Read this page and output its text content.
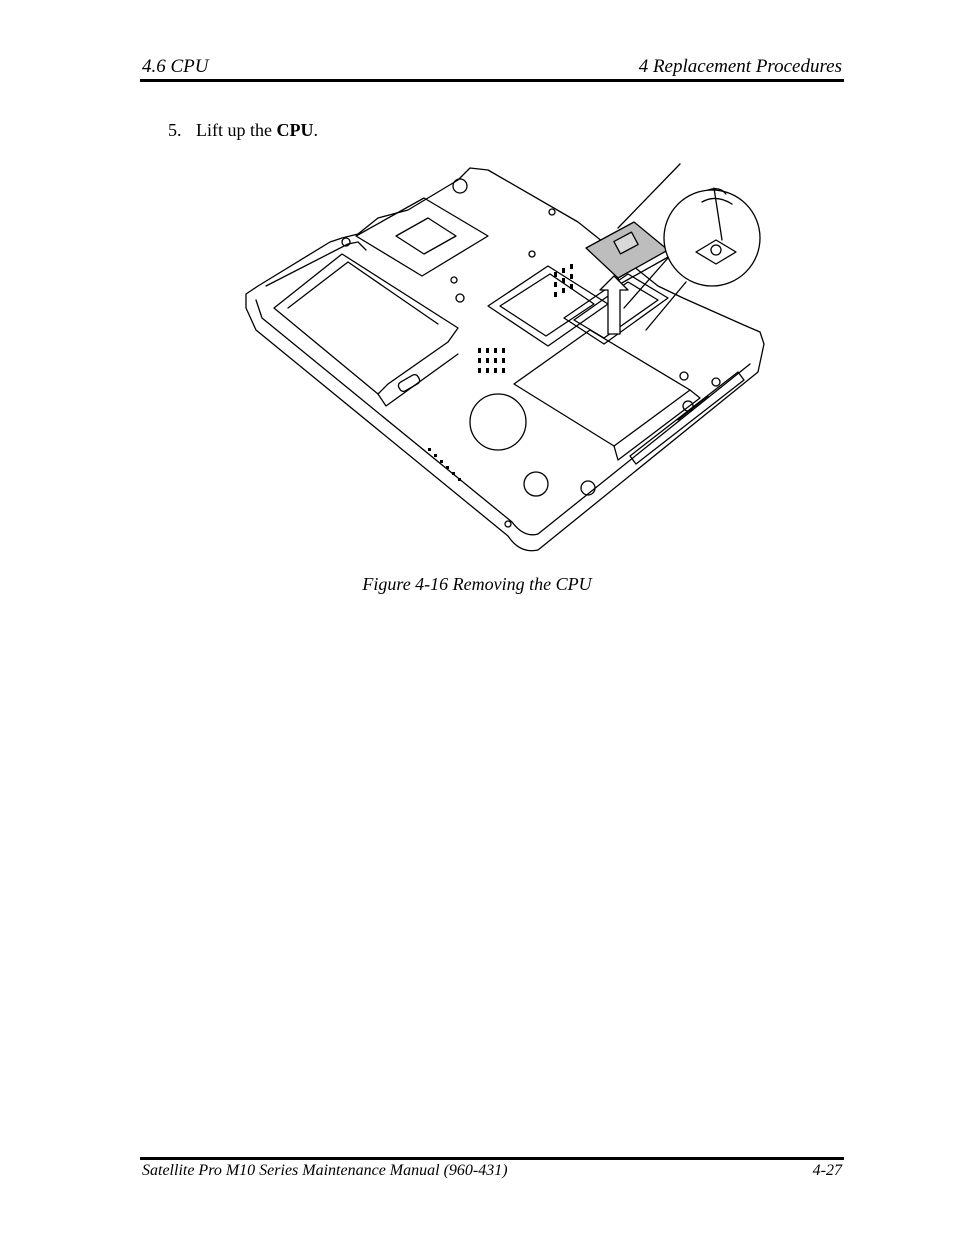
4.6 CPU	4 Replacement Procedures
5. Lift up the CPU.
Figure 4-16 Removing the CPU
Satellite Pro M10 Series Maintenance Manual (960-431)	4-27
